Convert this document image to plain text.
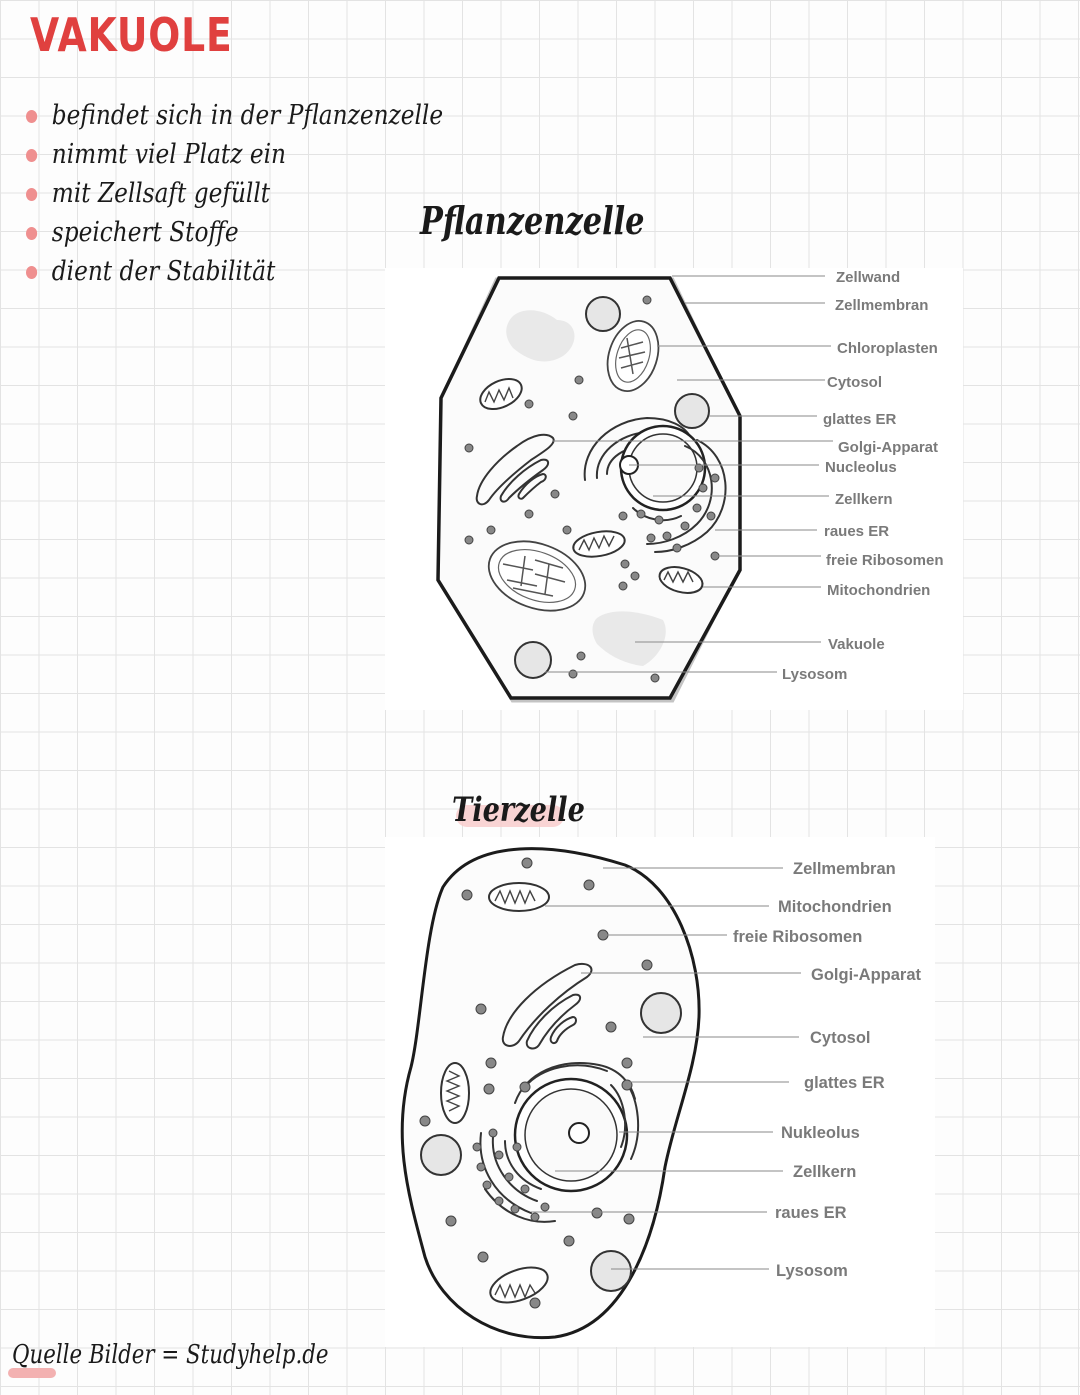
VAKUOLE
befindet sich in der Pflanzenzelle
nimmt viel Platz ein
mit Zellsaft gefüllt
speichert Stoffe
dient der Stabilität
Pflanzenzelle
Zellwand
Zellmembran
Chloroplasten
Cytosol
glattes ER
Golgi-Apparat
Nucleolus
Zellkern
raues ER
freie Ribosomen
Mitochondrien
Vakuole
Lysosom
Tierzelle
Zellmembran
Mitochondrien
freie Ribosomen
Golgi-Apparat
Cytosol
glattes ER
Nukleolus
Zellkern
raues ER
Lysosom

Quelle Bilder = Studyhelp.de
